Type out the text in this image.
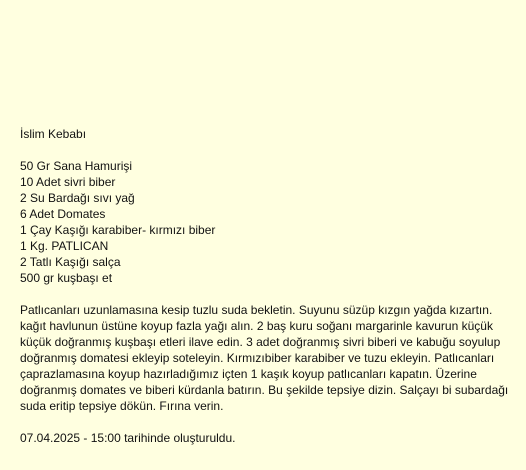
İslim Kebabı
50 Gr Sana Hamurişi
10 Adet sivri biber
2 Su Bardağı sıvı yağ
6 Adet Domates
1 Çay Kaşığı karabiber- kırmızı biber
1 Kg. PATLICAN
2 Tatlı Kaşığı salça
500 gr kuşbaşı et

Patlıcanları uzunlamasına kesip tuzlu suda bekletin. Suyunu süzüp kızgın yağda kızartın. kağıt havlunun üstüne koyup fazla yağı alın. 2 baş kuru soğanı margarinle kavurun küçük küçük doğranmış kuşbaşı etleri ilave edin. 3 adet doğranmış sivri biberi ve kabuğu soyulup doğranmış domatesi ekleyip soteleyin. Kırmızıbiber karabiber ve tuzu ekleyin. Patlıcanları çaprazlamasına koyup hazırladığımız içten 1 kaşık koyup patlıcanları kapatın. Üzerine doğranmış domates ve biberi kürdanla batırın. Bu şekilde tepsiye dizin. Salçayı bi subardağı suda eritip tepsiye dökün. Fırına verin.

07.04.2025 - 15:00 tarihinde oluşturuldu.
